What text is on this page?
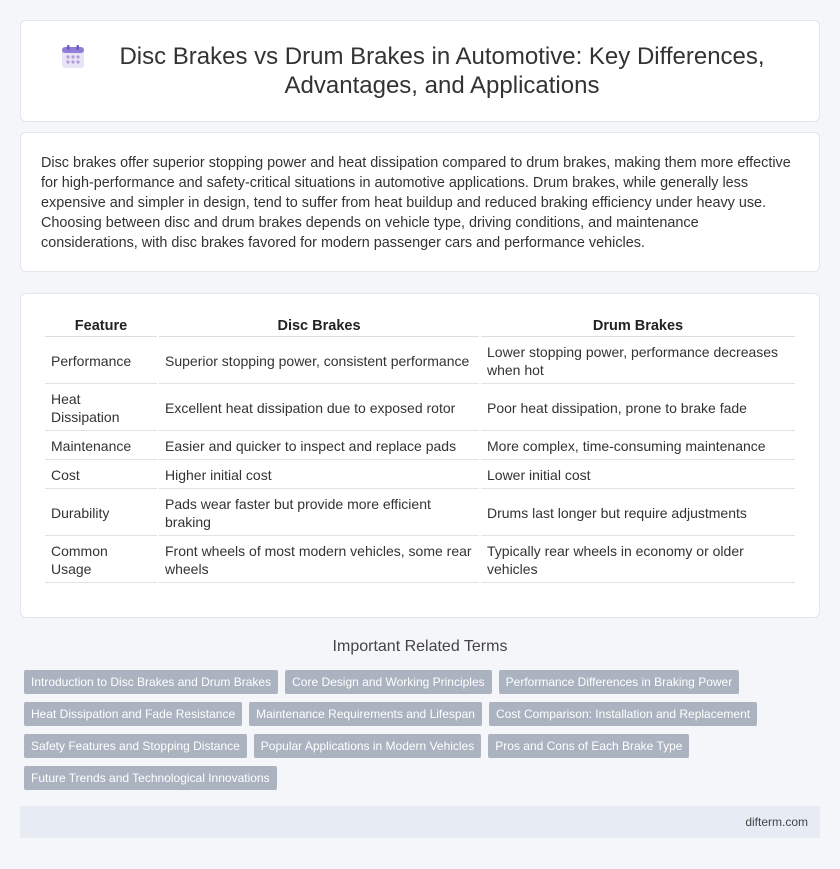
Disc Brakes vs Drum Brakes in Automotive: Key Differences, Advantages, and Applications

Disc brakes offer superior stopping power and heat dissipation compared to drum brakes, making them more effective for high-performance and safety-critical situations in automotive applications. Drum brakes, while generally less expensive and simpler in design, tend to suffer from heat buildup and reduced braking efficiency under heavy use. Choosing between disc and drum brakes depends on vehicle type, driving conditions, and maintenance considerations, with disc brakes favored for modern passenger cars and performance vehicles.

Feature	Disc Brakes	Drum Brakes
Performance	Superior stopping power, consistent performance	Lower stopping power, performance decreases when hot
Heat Dissipation	Excellent heat dissipation due to exposed rotor	Poor heat dissipation, prone to brake fade
Maintenance	Easier and quicker to inspect and replace pads	More complex, time-consuming maintenance
Cost	Higher initial cost	Lower initial cost
Durability	Pads wear faster but provide more efficient braking	Drums last longer but require adjustments
Common Usage	Front wheels of most modern vehicles, some rear wheels	Typically rear wheels in economy or older vehicles
Important Related Terms
Introduction to Disc Brakes and Drum Brakes	Core Design and Working Principles	Performance Differences in Braking Power
Heat Dissipation and Fade Resistance	Maintenance Requirements and Lifespan	Cost Comparison: Installation and Replacement
Safety Features and Stopping Distance	Popular Applications in Modern Vehicles	Pros and Cons of Each Brake Type
Future Trends and Technological Innovations
difterm.com
